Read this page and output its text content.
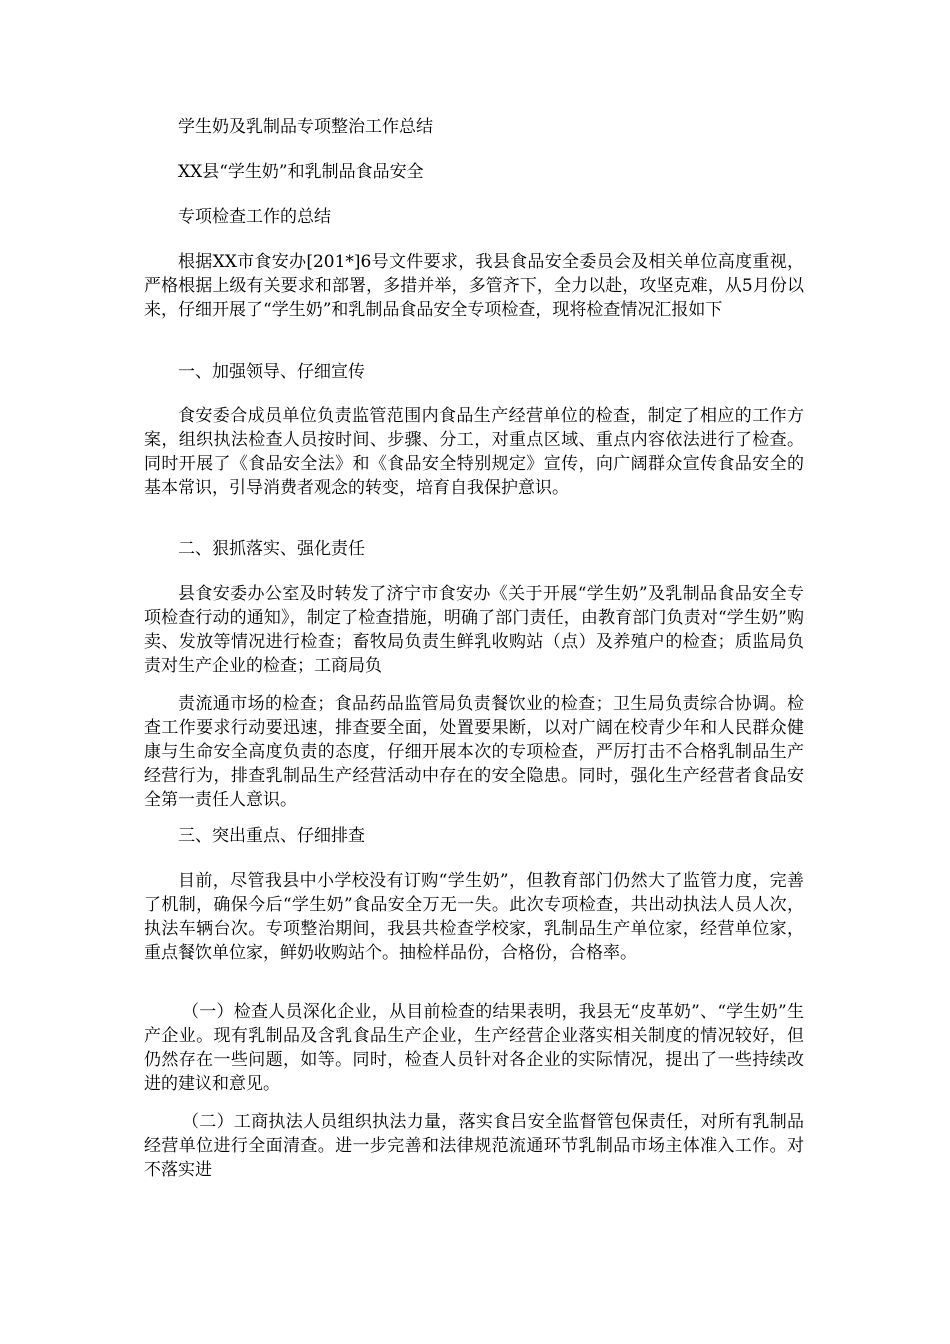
学生奶及乳制品专项整治工作总结

XX县“学生奶”和乳制品食品安全

专项检查工作的总结

根据XX市食安办[201*]6号文件要求，我县食品安全委员会及相关单位高度重视，严格根据上级有关要求和部署，多措并举，多管齐下，全力以赴，攻坚克难，从5月份以来，仔细开展了“学生奶”和乳制品食品安全专项检查，现将检查情况汇报如下

一、加强领导、仔细宣传

食安委合成员单位负责监管范围内食品生产经营单位的检查，制定了相应的工作方案，组织执法检查人员按时间、步骤、分工，对重点区域、重点内容依法进行了检查。同时开展了《食品安全法》和《食品安全特别规定》宣传，向广阔群众宣传食品安全的基本常识，引导消费者观念的转变，培育自我保护意识。

二、狠抓落实、强化责任

县食安委办公室及时转发了济宁市食安办《关于开展“学生奶”及乳制品食品安全专项检查行动的通知》，制定了检查措施，明确了部门责任，由教育部门负责对“学生奶”购卖、发放等情况进行检查；畜牧局负责生鲜乳收购站（点）及养殖户的检查；质监局负责对生产企业的检查；工商局负

责流通市场的检查；食品药品监管局负责餐饮业的检查；卫生局负责综合协调。检查工作要求行动要迅速，排查要全面，处置要果断，以对广阔在校青少年和人民群众健康与生命安全高度负责的态度，仔细开展本次的专项检查，严厉打击不合格乳制品生产经营行为，排查乳制品生产经营活动中存在的安全隐患。同时，强化生产经营者食品安全第一责任人意识。

三、突出重点、仔细排查

目前，尽管我县中小学校没有订购“学生奶”，但教育部门仍然大了监管力度，完善了机制，确保今后“学生奶”食品安全万无一失。此次专项检查，共出动执法人员人次，执法车辆台次。专项整治期间，我县共检查学校家，乳制品生产单位家，经营单位家，重点餐饮单位家，鲜奶收购站个。抽检样品份，合格份，合格率。

（一）检查人员深化企业，从目前检查的结果表明，我县无“皮革奶”、“学生奶”生产企业。现有乳制品及含乳食品生产企业，生产经营企业落实相关制度的情况较好，但仍然存在一些问题，如等。同时，检查人员针对各企业的实际情况，提出了一些持续改进的建议和意见。

（二）工商执法人员组织执法力量，落实食吕安全监督管包保责任，对所有乳制品经营单位进行全面清查。进一步完善和法律规范流通环节乳制品市场主体准入工作。对不落实进
